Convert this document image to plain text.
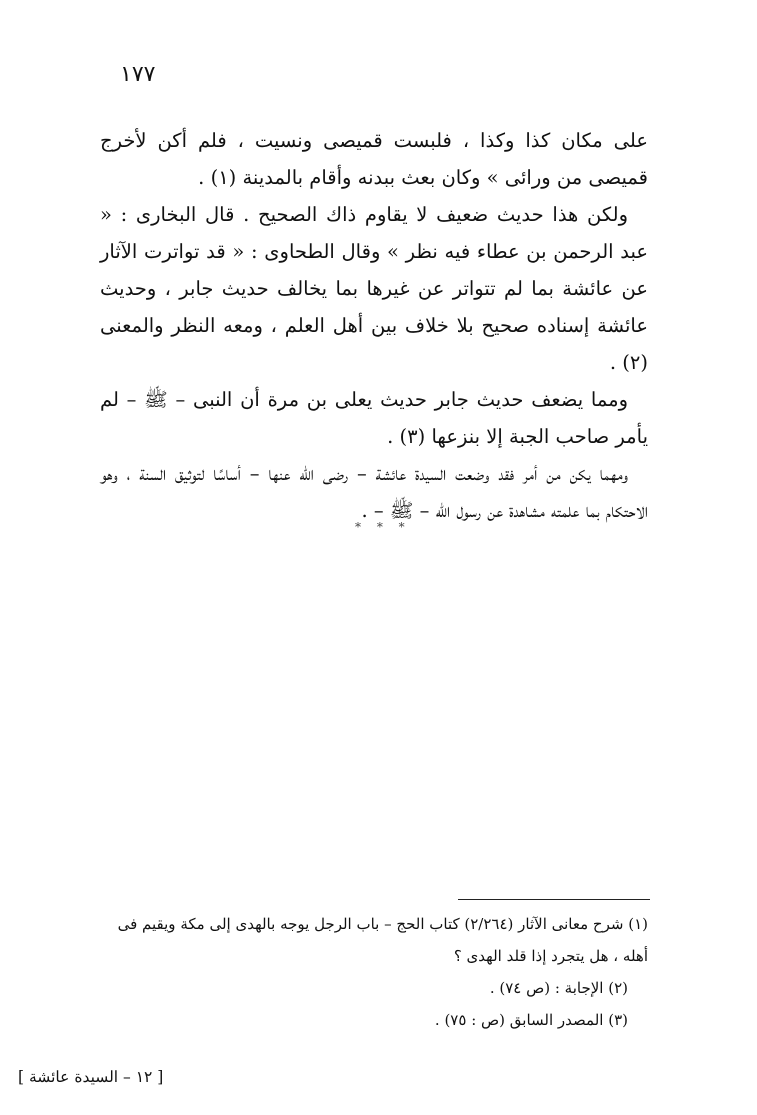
١٧٧

على مكان كذا وكذا ، فلبست قميصى ونسيت ، فلم أكن لأخرج قميصى من ورائى » وكان بعث ببدنه وأقام بالمدينة (١) .

ولكن هذا حديث ضعيف لا يقاوم ذاك الصحيح . قال البخارى : « عبد الرحمن بن عطاء فيه نظر » وقال الطحاوى : « قد تواترت الآثار عن عائشة بما لم تتواتر عن غيرها بما يخالف حديث جابر ، وحديث عائشة إسناده صحيح بلا خلاف بين أهل العلم ، ومعه النظر والمعنى (٢) .

ومما يضعف حديث جابر حديث يعلى بن مرة أن النبى – ﷺ – لم يأمر صاحب الجبة إلا بنزعها (٣) .

ومهما يكن من أمر فقد وضعت السيدة عائشة – رضى الله عنها – أساسًا لتوثيق السنة ، وهو الاحتكام بما علمته مشاهدة عن رسول الله – ﷺ – .

* * *

(١) شرح معانى الآثار (٢/٢٦٤) كتاب الحج – باب الرجل يوجه بالهدى إلى مكة ويقيم فى

أهله ، هل يتجرد إذا قلد الهدى ؟

(٢) الإجابة : (ص ٧٤) .

(٣) المصدر السابق (ص : ٧٥) .

[ ١٢ – السيدة عائشة ]
